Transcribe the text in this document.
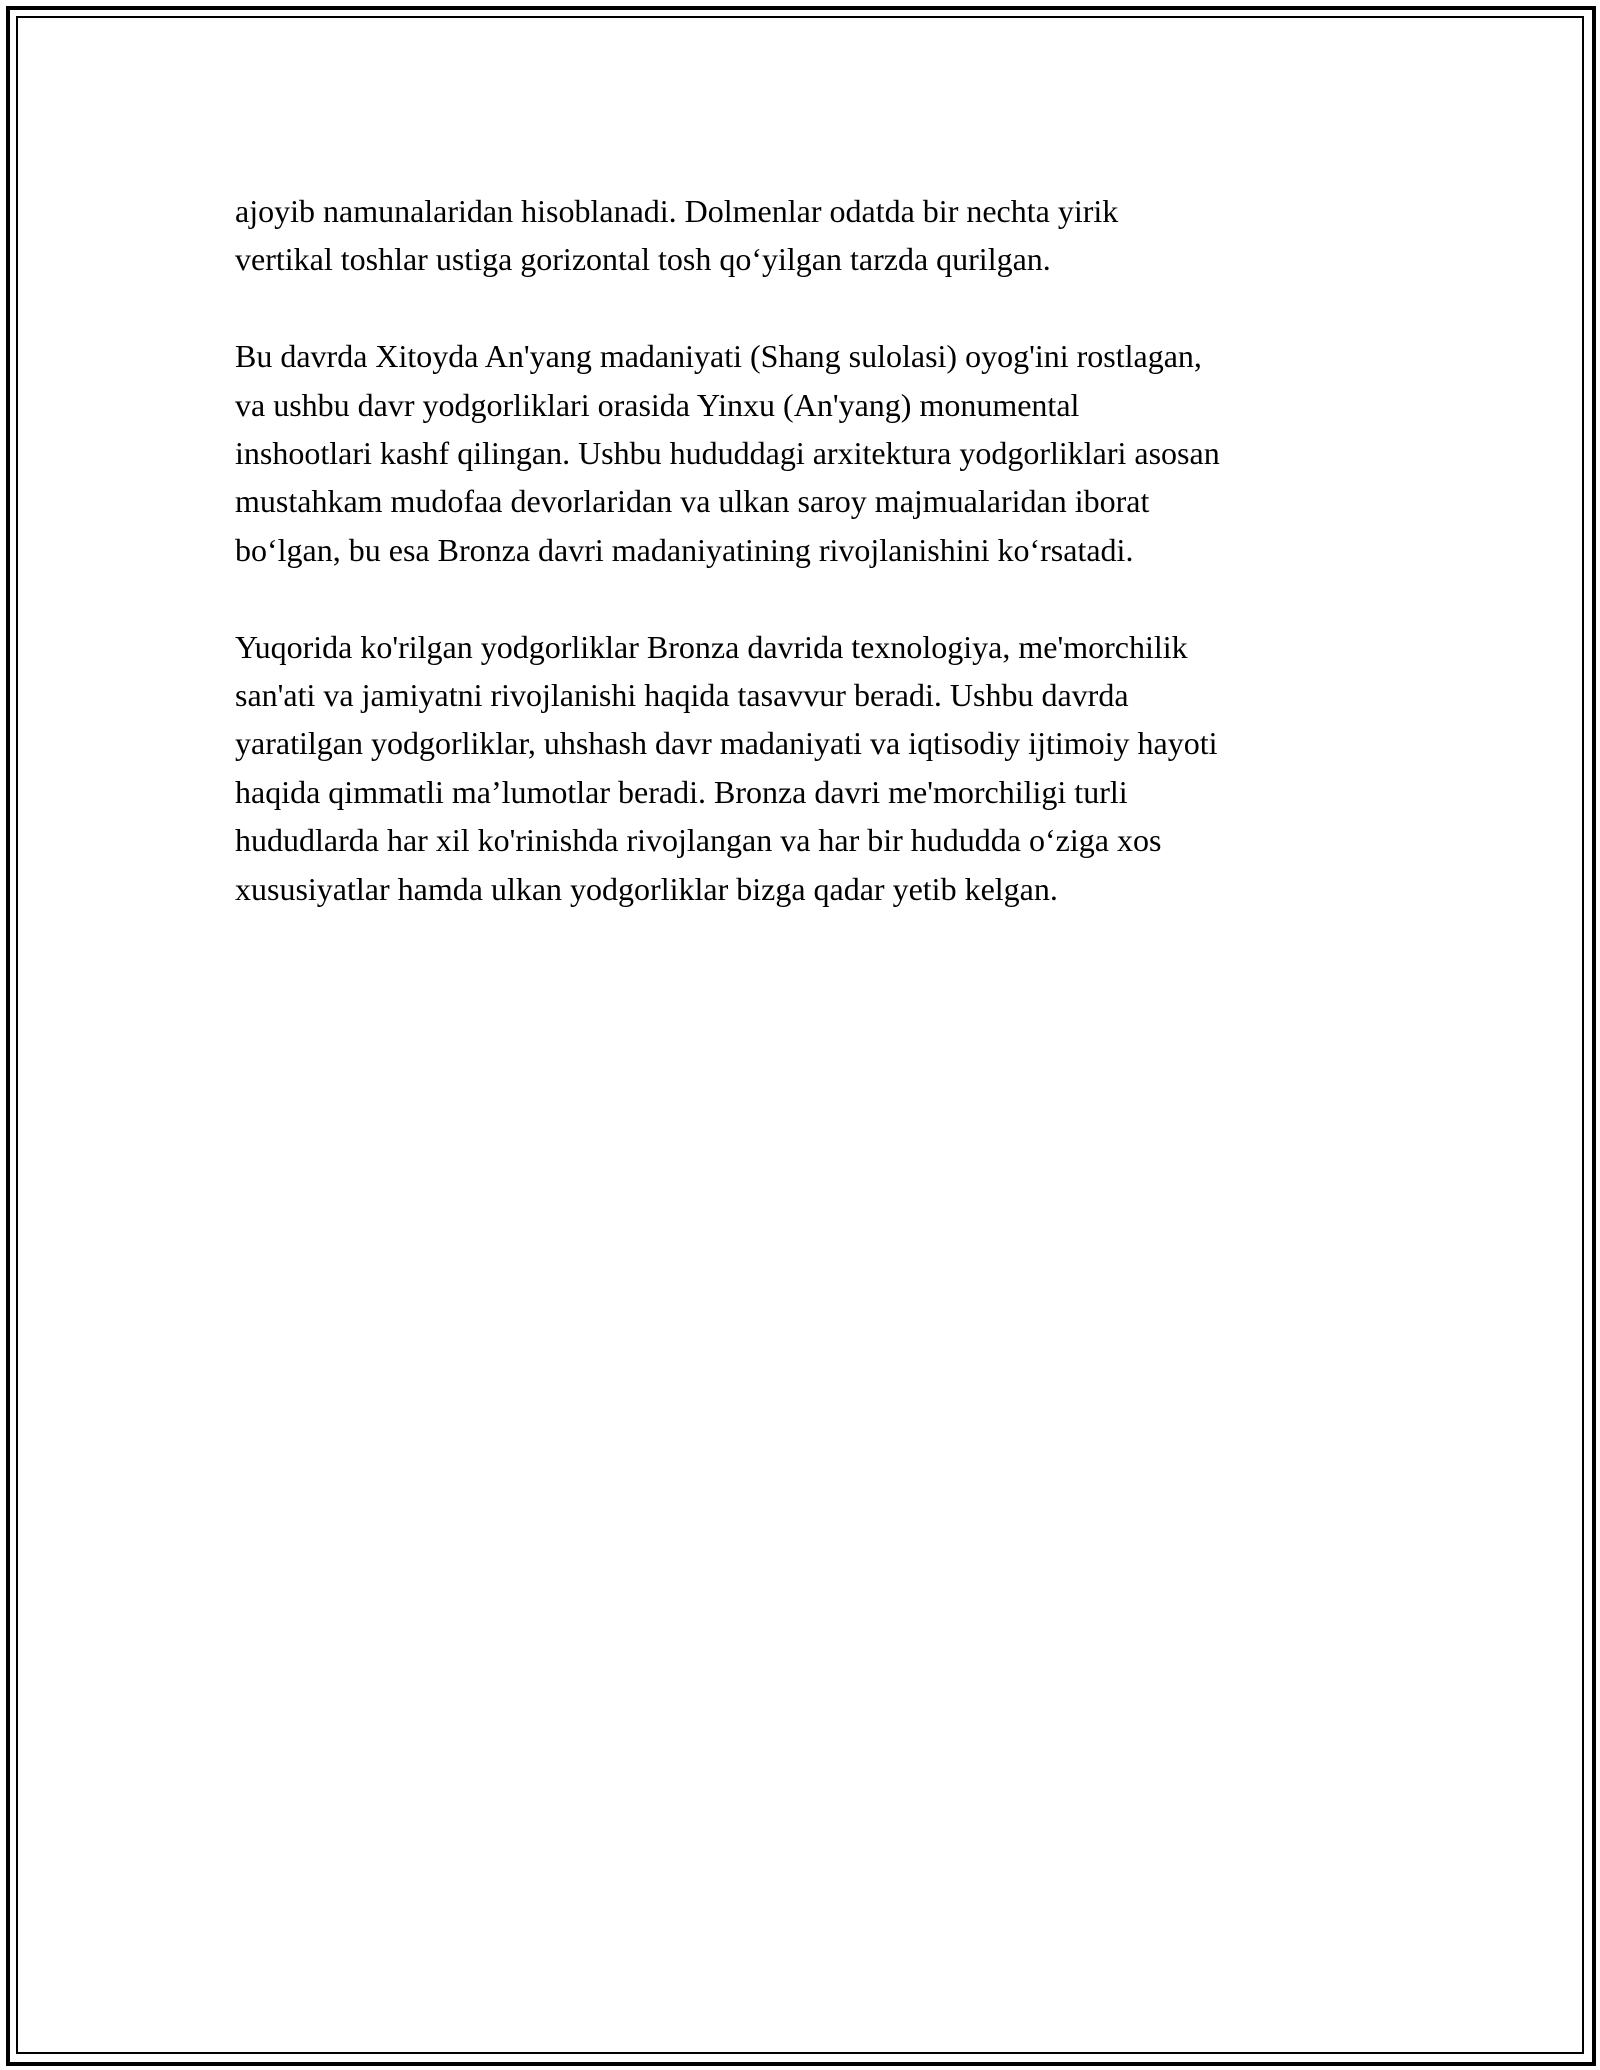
ajoyib namunalaridan hisoblanadi. Dolmenlar odatda bir nechta yirik
vertikal toshlar ustiga gorizontal tosh qo‘yilgan tarzda qurilgan.

Bu davrda Xitoyda An'yang madaniyati (Shang sulolasi) oyog'ini rostlagan,
va ushbu davr yodgorliklari orasida Yinxu (An'yang) monumental
inshootlari kashf qilingan. Ushbu hududdagi arxitektura yodgorliklari asosan
mustahkam mudofaa devorlaridan va ulkan saroy majmualaridan iborat
bo‘lgan, bu esa Bronza davri madaniyatining rivojlanishini ko‘rsatadi.

Yuqorida ko'rilgan yodgorliklar Bronza davrida texnologiya, me'morchilik
san'ati va jamiyatni rivojlanishi haqida tasavvur beradi. Ushbu davrda
yaratilgan yodgorliklar, uhshash davr madaniyati va iqtisodiy ijtimoiy hayoti
haqida qimmatli ma’lumotlar beradi. Bronza davri me'morchiligi turli
hududlarda har xil ko'rinishda rivojlangan va har bir hududda o‘ziga xos
xususiyatlar hamda ulkan yodgorliklar bizga qadar yetib kelgan.
